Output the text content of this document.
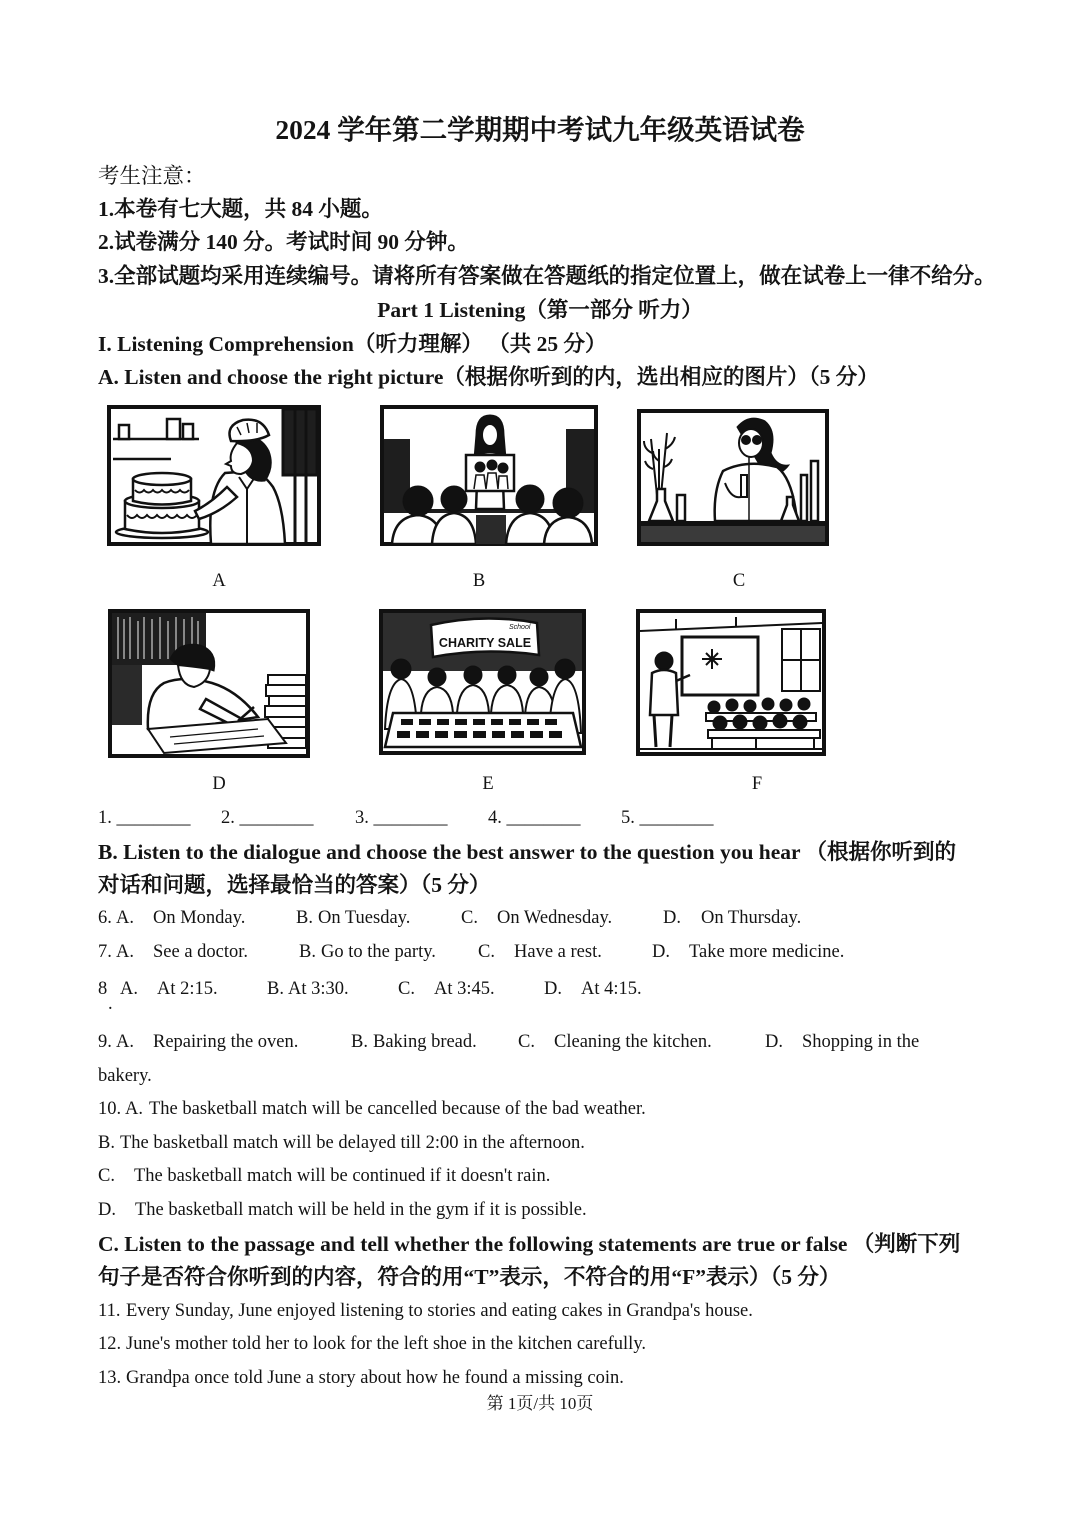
2024 学年第二学期期中考试九年级英语试卷
考生注意：
1.本卷有七大题，共 84 小题。
2.试卷满分 140 分。考试时间 90 分钟。
3.全部试题均采用连续编号。请将所有答案做在答题纸的指定位置上，做在试卷上一律不给分。
Part 1 Listening（第一部分 听力）
I. Listening Comprehension（听力理解） （共 25 分）
A. Listen and choose the right picture（根据你听到的内，选出相应的图片）（5 分）
A	B	C
School
CHARITY SALE
D	E	F
1. ________ 2. ________ 3. ________ 4. ________ 5. ________
B. Listen to the dialogue and choose the best answer to the question you hear （根据你听到的
对话和问题，选择最恰当的答案）（5 分）
6. A. On Monday.	B. On Tuesday.	C. On Wednesday.	D. On Thursday.
7. A. See a doctor.	B. Go to the party. C. Have a rest.	D. Take more medicine.
8 A. At 2:15.	B. At 3:30.	C. At 3:45.	D. At 4:15.
.
9. A. Repairing the oven.	B. Baking bread. C. Cleaning the kitchen.	D. Shopping in the
bakery.
10. A. The basketball match will be cancelled because of the bad weather.
B. The basketball match will be delayed till 2:00 in the afternoon.
C. The basketball match will be continued if it doesn't rain.
D. The basketball match will be held in the gym if it is possible.
C. Listen to the passage and tell whether the following statements are true or false （判断下列
句子是否符合你听到的内容，符合的用“T”表示，不符合的用“F”表示）（5 分）
11. Every Sunday, June enjoyed listening to stories and eating cakes in Grandpa's house.
12. June's mother told her to look for the left shoe in the kitchen carefully.
13. Grandpa once told June a story about how he found a missing coin.
第 1页/共 10页
